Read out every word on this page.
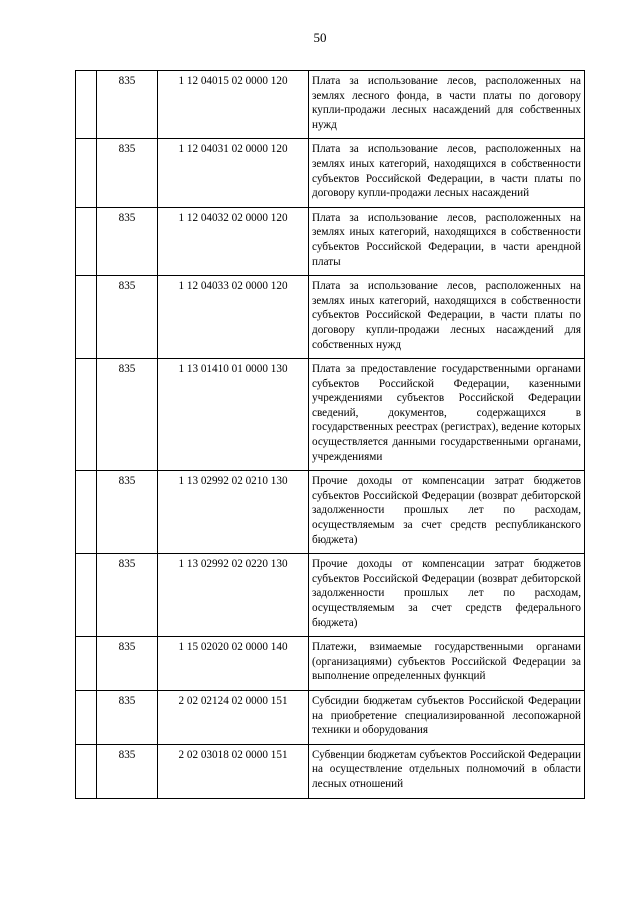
50
	835	1 12 04015 02 0000 120	Плата за использование лесов, расположенных на землях лесного фонда, в части платы по договору купли-продажи лесных насаждений для собственных нужд
	835	1 12 04031 02 0000 120	Плата за использование лесов, расположенных на землях иных категорий, находящихся в собственности субъектов Российской Федерации, в части платы по договору купли-продажи лесных насаждений
	835	1 12 04032 02 0000 120	Плата за использование лесов, расположенных на землях иных категорий, находящихся в собственности субъектов Российской Федерации, в части арендной платы
	835	1 12 04033 02 0000 120	Плата за использование лесов, расположенных на землях иных категорий, находящихся в собственности субъектов Российской Федерации, в части платы по договору купли-продажи лесных насаждений для собственных нужд
	835	1 13 01410 01 0000 130	Плата за предоставление государственными органами субъектов Российской Федерации, казенными учреждениями субъектов Российской Федерации сведений, документов, содержащихся в государственных реестрах (регистрах), ведение которых осуществляется данными государственными органами, учреждениями
	835	1 13 02992 02 0210 130	Прочие доходы от компенсации затрат бюджетов субъектов Российской Федерации (возврат дебиторской задолженности прошлых лет по расходам, осуществляемым за счет средств республиканского бюджета)
	835	1 13 02992 02 0220 130	Прочие доходы от компенсации затрат бюджетов субъектов Российской Федерации (возврат дебиторской задолженности прошлых лет по расходам, осуществляемым за счет средств федерального бюджета)
	835	1 15 02020 02 0000 140	Платежи, взимаемые государственными органами (организациями) субъектов Российской Федерации за выполнение определенных функций
	835	2 02 02124 02 0000 151	Субсидии бюджетам субъектов Российской Федерации на приобретение специализированной лесопожарной техники и оборудования
	835	2 02 03018 02 0000 151	Субвенции бюджетам субъектов Российской Федерации на осуществление отдельных полномочий в области лесных отношений
